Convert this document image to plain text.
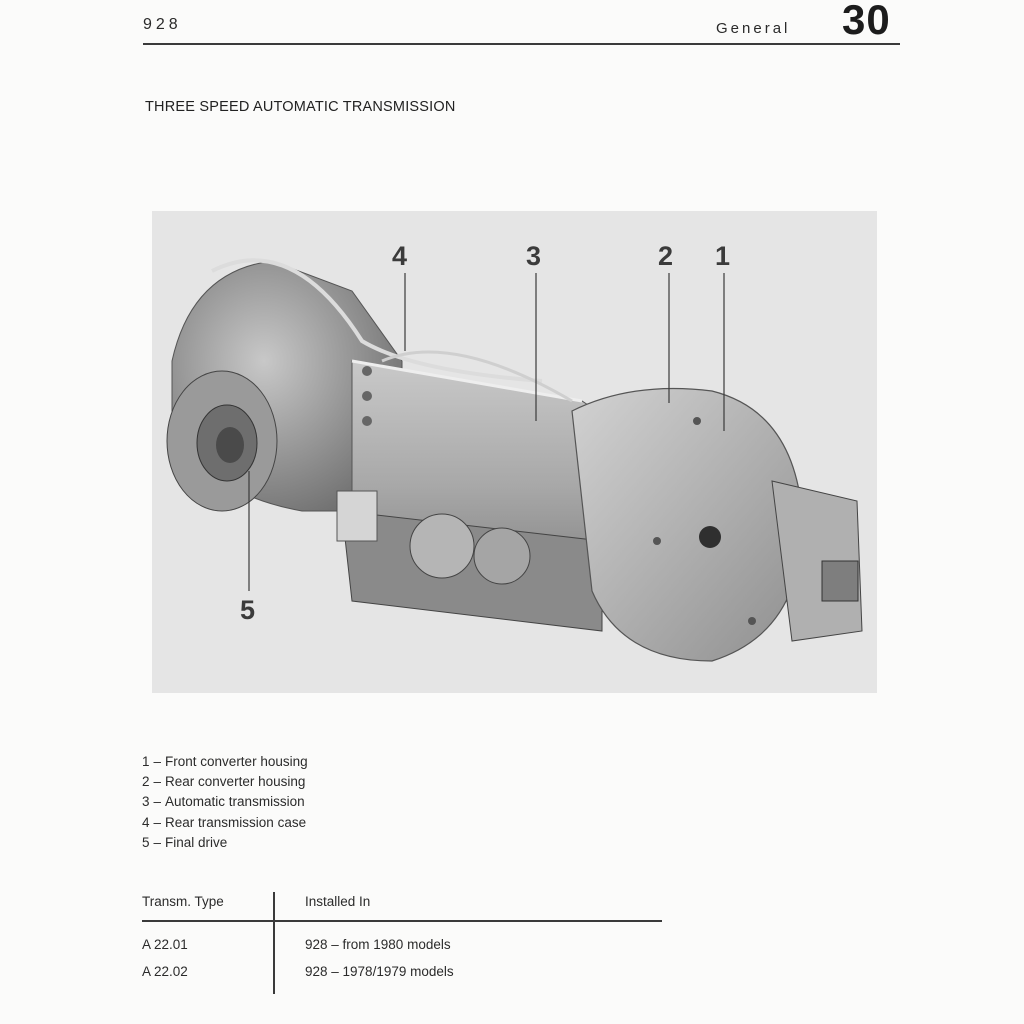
928	General 30
THREE SPEED AUTOMATIC TRANSMISSION
4	3	2 1
5
1 – Front converter housing
2 – Rear converter housing
3 – Automatic transmission
4 – Rear transmission case
5 – Final drive
Transm. Type	Installed In
A 22.01	928 – from 1980 models
A 22.02	928 – 1978/1979 models
